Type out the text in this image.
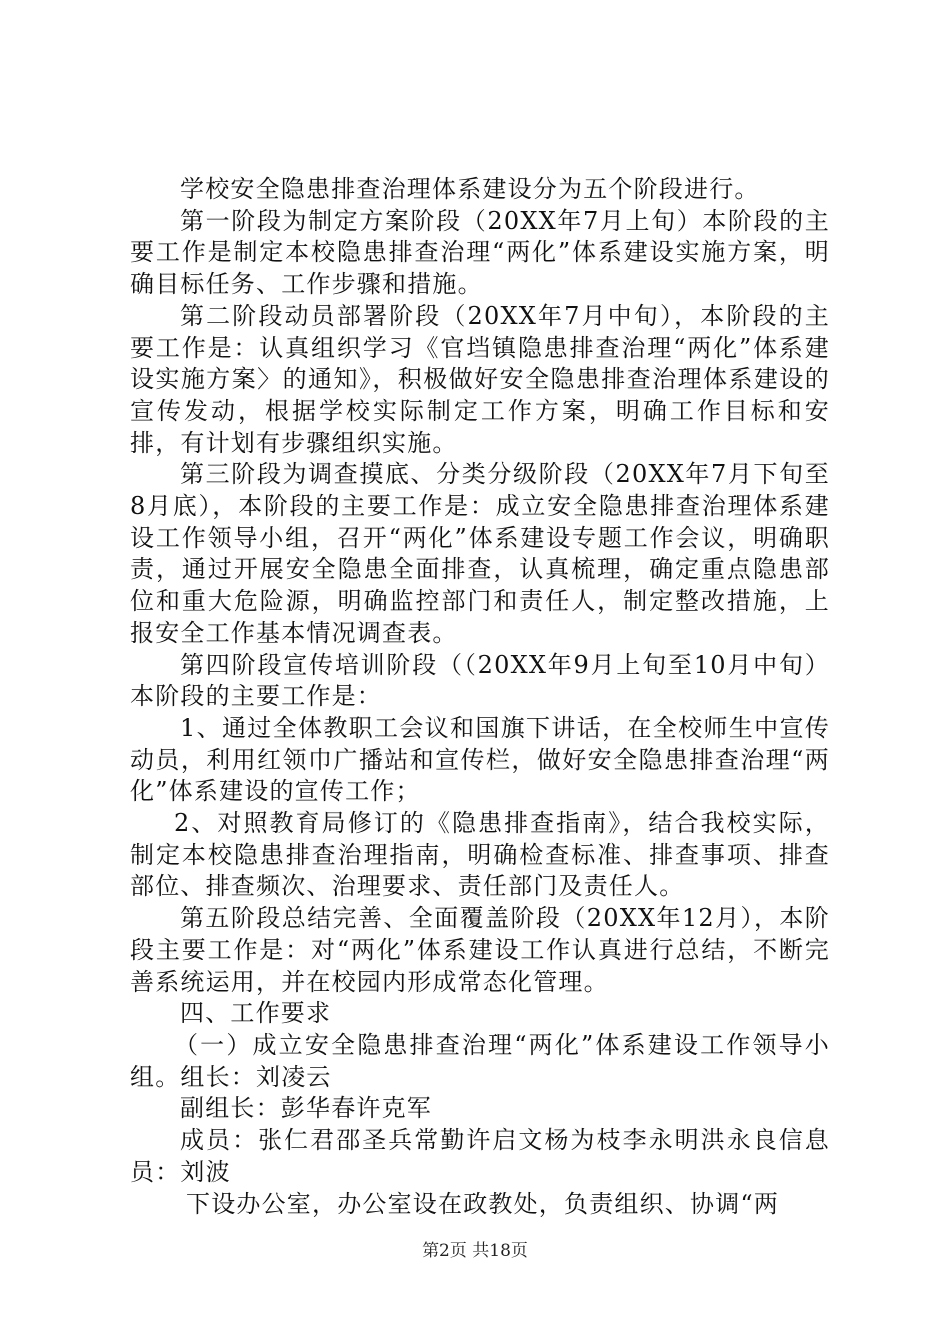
学校安全隐患排查治理体系建设分为五个阶段进行。

第一阶段为制定方案阶段（20XX年7月上旬）本阶段的主要工作是制定本校隐患排查治理“两化”体系建设实施方案，明确目标任务、工作步骤和措施。

第二阶段动员部署阶段（20XX年7月中旬），本阶段的主要工作是：认真组织学习《官垱镇隐患排查治理“两化”体系建设实施方案〉的通知》，积极做好安全隐患排查治理体系建设的宣传发动，根据学校实际制定工作方案，明确工作目标和安排，有计划有步骤组织实施。

第三阶段为调查摸底、分类分级阶段（20XX年7月下旬至8月底），本阶段的主要工作是：成立安全隐患排查治理体系建设工作领导小组，召开“两化”体系建设专题工作会议，明确职责，通过开展安全隐患全面排查，认真梳理，确定重点隐患部位和重大危险源，明确监控部门和责任人，制定整改措施，上报安全工作基本情况调查表。

第四阶段宣传培训阶段（（20XX年9月上旬至10月中旬）本阶段的主要工作是：

1、通过全体教职工会议和国旗下讲话，在全校师生中宣传动员，利用红领巾广播站和宣传栏，做好安全隐患排查治理“两化”体系建设的宣传工作；

2、对照教育局修订的《隐患排查指南》，结合我校实际，制定本校隐患排查治理指南，明确检查标准、排查事项、排查部位、排查频次、治理要求、责任部门及责任人。

第五阶段总结完善、全面覆盖阶段（20XX年12月），本阶段主要工作是：对“两化”体系建设工作认真进行总结，不断完善系统运用，并在校园内形成常态化管理。

四、工作要求

（一）成立安全隐患排查治理“两化”体系建设工作领导小组。组长：刘凌云

副组长：彭华春许克军

成员：张仁君邵圣兵常勤许启文杨为枝李永明洪永良信息员：刘波

下设办公室，办公室设在政教处，负责组织、协调“两

第2页 共18页
